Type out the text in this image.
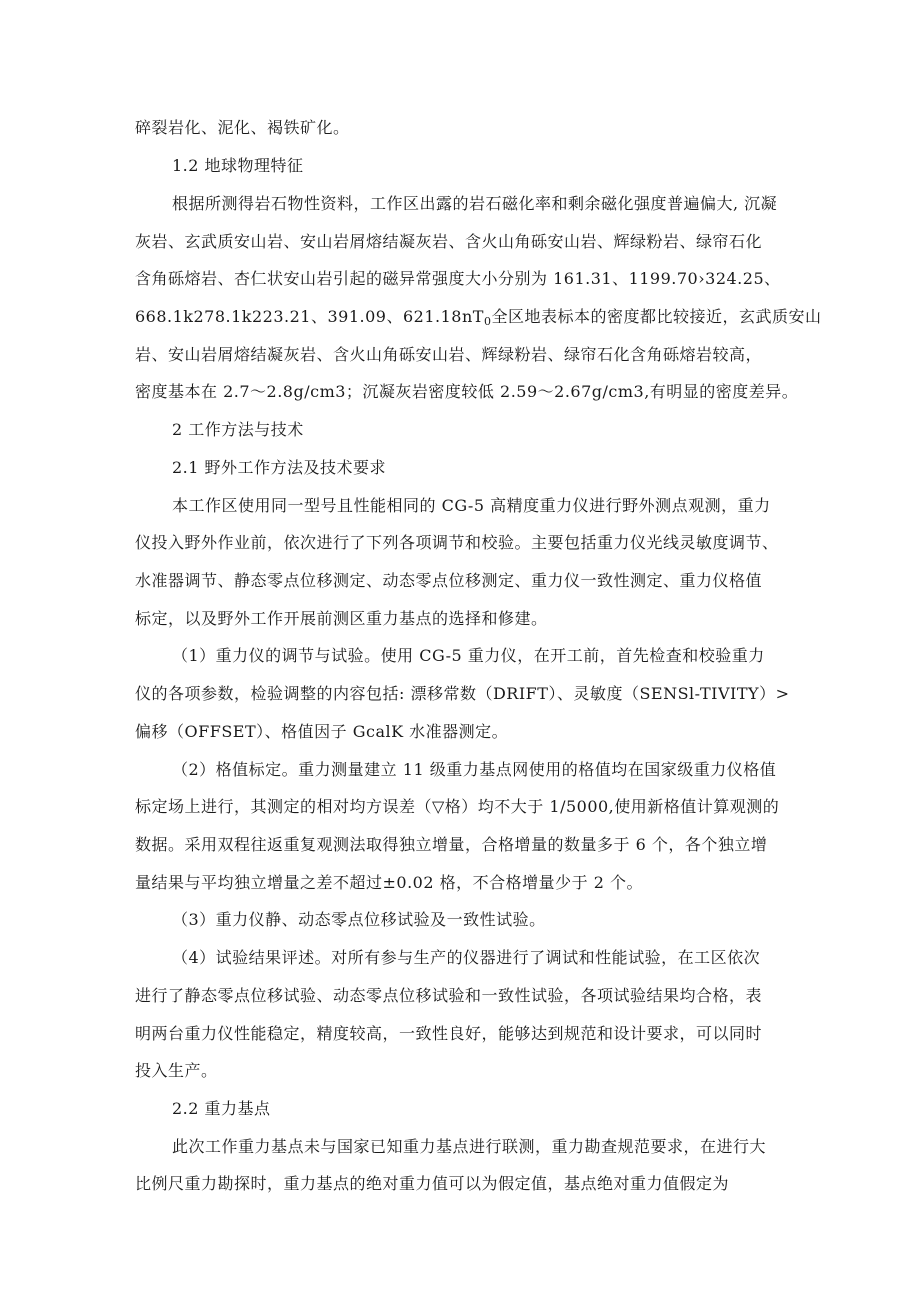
碎裂岩化、泥化、褐铁矿化。
1.2 地球物理特征
根据所测得岩石物性资料，工作区出露的岩石磁化率和剩余磁化强度普遍偏大, 沉凝
灰岩、玄武质安山岩、安山岩屑熔结凝灰岩、含火山角砾安山岩、辉绿粉岩、绿帘石化
含角砾熔岩、杏仁状安山岩引起的磁异常强度大小分别为 161.31、1199.70›324.25、
668.1k278.1k223.21、391.09、$621.18nT_0$全区地表标本的密度都比较接近，玄武质安山
岩、安山岩屑熔结凝灰岩、含火山角砾安山岩、辉绿粉岩、绿帘石化含角砾熔岩较高，
密度基本在 2.7～2.8g/cm3；沉凝灰岩密度较低 2.59～2.67g/cm3,有明显的密度差异。
2 工作方法与技术
2.1 野外工作方法及技术要求
本工作区使用同一型号且性能相同的 CG-5 高精度重力仪进行野外测点观测，重力
仪投入野外作业前，依次进行了下列各项调节和校验。主要包括重力仪光线灵敏度调节、
水准器调节、静态零点位移测定、动态零点位移测定、重力仪一致性测定、重力仪格值
标定，以及野外工作开展前测区重力基点的选择和修建。
（1）重力仪的调节与试验。使用 CG-5 重力仪，在开工前，首先检查和校验重力
仪的各项参数，检验调整的内容包括: 漂移常数（DRIFT）、灵敏度（SENSl-TIVITY）>
偏移（OFFSET）、格值因子 GcalK 水准器测定。
（2）格值标定。重力测量建立 11 级重力基点网使用的格值均在国家级重力仪格值
标定场上进行，其测定的相对均方误差（▽格）均不大于 1/5000,使用新格值计算观测的
数据。采用双程往返重复观测法取得独立增量，合格增量的数量多于 6 个，各个独立增
量结果与平均独立增量之差不超过±0.02 格，不合格增量少于 2 个。
（3）重力仪静、动态零点位移试验及一致性试验。
（4）试验结果评述。对所有参与生产的仪器进行了调试和性能试验，在工区依次
进行了静态零点位移试验、动态零点位移试验和一致性试验，各项试验结果均合格，表
明两台重力仪性能稳定，精度较高，一致性良好，能够达到规范和设计要求，可以同时
投入生产。
2.2 重力基点
此次工作重力基点未与国家已知重力基点进行联测，重力勘查规范要求，在进行大
比例尺重力勘探时，重力基点的绝对重力值可以为假定值，基点绝对重力值假定为
